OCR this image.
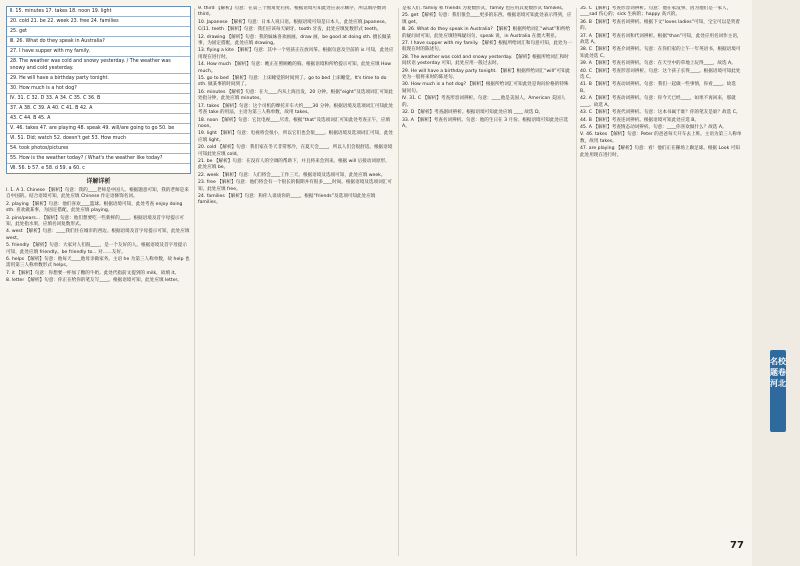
Ⅱ. 15. minutes 17. takes 18. noon 19. light
20. cold 21. be 22. week 23. free 24. families
25. get
Ⅲ. 26. What do they speak in Australia?
27. I have supper with my family.
28. The weather was cold and snowy yesterday. / The weather was snowy and cold yesterday.
29. He will have a birthday party tonight.
30. How much is a hot dog?
Ⅳ. 31. C 32. D 33. A 34. C 35. C 36. B
37. A 38. C 39. A 40. C 41. B 42. A
43. C 44. B 45. A
Ⅴ. 46. takes 47. are playing 48. speak 49. will/are going to go 50. be
Ⅵ. 51. Did; watch 52. doesn't get 53. How much
54. took photos/pictures
55. How is the weather today? / What's the weather like today?
Ⅶ. 56. b 57. e 58. d 59. a 60. c
详解详析

Ⅰ. 1. A 1. Chinese 【解析】句意：我的____老师是中国人。根据题意可知，我的老师是来自中国的。结合语境可知，此处应填 Chinese 作定语修饰名词。

2. playing 【解析】句意：他们喜欢____篮球。根据语境可知，此处考查 enjoy doing sth. 喜欢做某事，为固定搭配，此处应填 playing。

3. pins/pears... 【解析】句意：他们想要吃一些新鲜的____。根据语境及首字母提示可知，此处指水果，应填名词复数形式。

4. west 【解析】句意：____我们住在城市的西边。根据语境及首字母提示可知，此处应填 west。

5. friendly 【解析】句意：大家对人们很____，是一个友好的人。根据语境及首字母提示可知，此处应填 friendly。be friendly to... 对……友好。

6. helps 【解析】句意：他每天____他母亲做家务。主语 he 为第三人称单数，故 help 也需用第三人称单数形式 helps。

7. it 【解析】句意：你想要一杯加了糖的牛奶。此处代指前文提到的 milk，故填 it。

8. letter 【解析】句意：你正在给你的笔友写____。根据语境可知，此处应填 letter。

9. third 【解析】句意：在第三个围角处右拐。根据语境可知此处应表示顺序，所以填序数词 third。

10. Japanese 【解析】句意：日本人说日语。根据语境可知是日本人，此处应填 Japanese。

C(11. teeth 【解析】句意：我们应该每天刷牙。tooth 牙齿，此处应填复数形式 teeth。

12. drawing 【解析】句意：我的妹妹喜欢画画。draw 画，be good at doing sth. 擅长做某事，为固定搭配，此处应填 drawing。

13. flying a kite 【解析】句意：其中一个男孩正在放风筝。根据句意及空前的 is 可知，此处应用现在进行时。

14. How much 【解析】句意：她正在照顾她的狗。根据语境和所给提示可知，此处应填 How much。

15. go to bed 【解析】句意：上床睡觉的时间到了。go to bed 上床睡觉。It's time to do sth. 做某事的时间到了。

16. minutes 【解析】句意：在大____内从上海出发，20 分钟。根据“eight”及选项词汇可知此处指分钟，此处应填 minutes。

17. takes 【解析】句意：这个司机的摩托开车大约____30 分钟。根据语境及选项词汇可知此处考查 take 的用法，主语为第三人称单数，故用 takes。

18. noon 【解析】句意：它比电视____尽责。根据“that”及选项词汇可知此处考查正午，应填 noon。

19. light 【解析】句意：电视将会很小，所以它们也会很____。根据语境及选项词汇可知，此处应填 light。

20. cold 【解析】句意：我们家在冬天非常寒冷，在夏天会____，所以人们会很舒适。根据语境可知此处应填 cold。

21. be 【解析】句意：在没有人的空调的帮助下，并且将来会到来。根据 will 后接动词原形，此处应填 be。

22. week 【解析】句意：人们将会____工作三天。根据语境及选项可知，此处应填 week。

23. free 【解析】句意：他们将会有一个很长的假期并有很多____时间。根据语境及选项词汇可知，此处应填 free。

24. families 【解析】句意：和你人谈谈你的____。根据“friends”及选项可知此处应填 families。

是家人们. family 和 friends 为复数形式，family 也应用其复数形式 families。

25. get 【解析】句意：我们很会____更多的东西。根据语境可知此处表示得到，应填 get。

Ⅲ. 26. What do they speak in Australia? 【解析】根据所给词汇“what”和所给的疑问词可知，此处应填特殊疑问句，speak 说，in Australia 在澳大利亚。

27. I have supper with my family. 【解析】根据所给词汇和句意可知，此处为一般现在时的陈述句。

28. The weather was cold and snowy yesterday. 【解析】根据所给词汇和时间状语 yesterday 可知，此处应用一般过去时。

29. He will have a birthday party tonight. 【解析】根据所给词汇“will”可知此处为一般将来时的陈述句。

30. How much is a hot dog? 【解析】根据所给词汇可知此处是询问价格的特殊疑问句。

Ⅳ. 31. C 【解析】考查形容词辨析。句意：____他是美国人。American 美国人的。

32. D 【解析】考查副词辨析。根据语境可知此处应填 ____ 故选 D。

33. A 【解析】考查名词辨析。句意：他的生日在 3 月份。根据语境可知此处应选 A。

35. C 【解析】考查形容词辨析。句意：他在家没事，因为他们是一家人，____sad 伤心的；sick 生病的；happy 高兴的。

36. B 【解析】考查名词辨析。根据下文“loves ladies”可知，宝宝可以是哭着的。

37. A 【解析】考查名词和代词辨析。根据“than”可知，此处应用名词作主语，故选 A。

38. C 【解析】考查介词辨析。句意：在你们家的上午一年英语书，根据语境可知此处选 C。

39. A 【解析】考查名词辨析。句意：在天空中的草地上玩得____，故选 A。

40. C 【解析】考查形容词辨析。句意：这个孩子长得____。根据语境可知此处选 C。

41. B 【解析】考查动词辨析。句意：我们一起做一些事情，你看____。故选 B。

42. A 【解析】考查动词辨析。句意：你今天已经____，如果不再回来，那就____。故选 A。

43. C 【解析】考查代词辨析。句意：这本书属于谁？你的笔友是谁？故选 C。

44. B 【解析】考查连词辨析。根据语境可知此处应选 B。

45. A 【解析】考查情态动词辨析。句意：____你喜欢做什么？故选 A。

Ⅴ. 46. takes 【解析】句意：Peter 的爸爸每天开车去上班。主语为第三人称单数，故用 takes。

47. are playing 【解析】句意：看！他们正在操场上踢足球。根据 Look 可知此处用现在进行时。

名校题卷 河北
77
